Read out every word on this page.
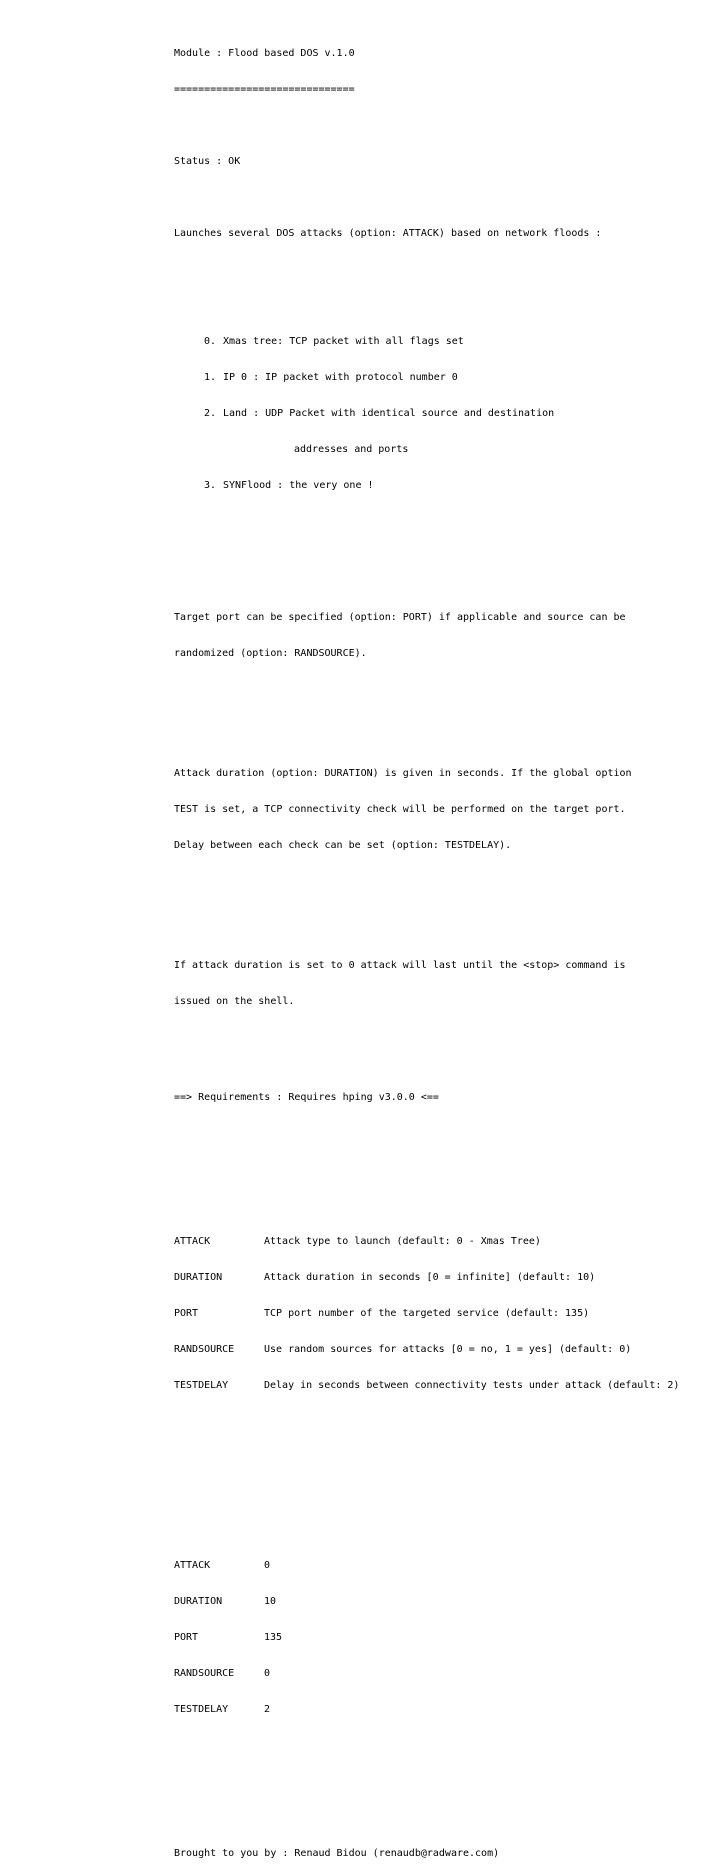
Module : Flood based DOS v.1.0

==============================

Status : OK

Launches several DOS attacks (option: ATTACK) based on network floods :

0. Xmas tree: TCP packet with all flags set

1. IP 0 : IP packet with protocol number 0

2. Land : UDP Packet with identical source and destination

addresses and ports

3. SYNFlood : the very one !

Target port can be specified (option: PORT) if applicable and source can be

randomized (option: RANDSOURCE).

Attack duration (option: DURATION) is given in seconds. If the global option

TEST is set, a TCP connectivity check will be performed on the target port.

Delay between each check can be set (option: TESTDELAY).

If attack duration is set to 0 attack will last until the <stop> command is

issued on the shell.

==> Requirements : Requires hping v3.0.0 <==

ATTACK	Attack type to launch (default: 0 - Xmas Tree)

DURATION	Attack duration in seconds [0 = infinite] (default: 10)

PORT	TCP port number of the targeted service (default: 135)

RANDSOURCE	Use random sources for attacks [0 = no, 1 = yes] (default: 0)

TESTDELAY	Delay in seconds between connectivity tests under attack (default: 2)

ATTACK	0

DURATION	10

PORT	135

RANDSOURCE	0

TESTDELAY	2

Brought to you by : Renaud Bidou (renaudb@radware.com)
